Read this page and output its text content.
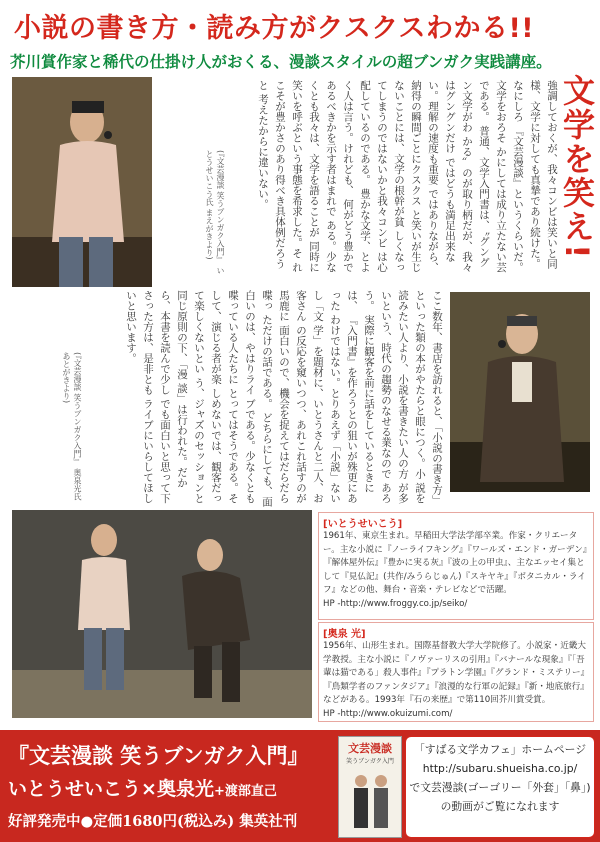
小説の書き方・読み方がクスクスわかる!!
芥川賞作家と稀代の仕掛け人がおくる、漫談スタイルの超ブンガク実践講座。
強調しておくが、我々コンビは笑いと同様、文学に対しても真摯であり続けた。なにしろ 『文芸漫談』というくらいだ。文学をおろそ かにしては成り立たない芸である。 普通、文学入門書は、〝グングン文学がわ かる〟のが取り柄だが、我々はグングンだけ ではどうも満足出来ない。理解の速度も重要 ではありながら、納得の瞬間ごとにクスクス と笑いが生じないことには、文学の根幹が貧 しくなってしまうのではないかと我々コンビ は心配しているのである。 豊かな文学、とよく人は言う。けれども、 何がどう豊かであるべきかを示す者はまれで ある。少なくとも我々は、文学を語ることが 同時に笑いを呼ぶという事態を希求した。そ れこそが豊かさのあり得べき具体例だろうと 考えたからに違いない。
(『文芸漫談 笑うブンガク入門』 いとうせいこう氏 まえがきより)	文学を笑え!
ここ数年、書店を訪れると、「小説の書き方」 といった類の本がやたらと眼につく。小 説を読みたい人より、小説を書きたい人の方 が多いという、時代の趨勢のなせる業なので あろう。 実際に観客を前に話をしているときには、 『入門書』を作ろうとの狙いが殊更にあった わけではない。とりあえず「小説」ないし「文 学」を題材に、いとうさんと二人、お客さん の反応を窺いつつ、あれこれ話すのが馬鹿に 面白いので、機会を捉えてはだらだら喋っ ただけの話である。 どちらにしても、面白いのは、やはりライ ブである。少なくとも喋っている人たちに とってはそうである。そして、演じる者が楽 しめないでは、観客だって楽しくないとい う、ジャズのセッションと同じ原則の下、「漫 談」は行われた。だから、本書を読んで少し でも面白いと思って下さった方は、是非とも ライブにいらしてほしいと思います。
(『文芸漫談 笑うブンガク入門』 奥泉光氏 あとがきより)
[いとうせいこう]
1961年、東京生まれ。早稲田大学法学部卒業。作家・クリエーター。主な小説に『ノーライフキング』『ワールズ・エンド・ガーデン』『解体屋外伝』『豊かに実る灰』『波の上の甲虫』、主なエッセイ集として『見仏記』(共作/みうらじゅん)『スキヤキ』『ボタニカル・ライフ』などの他、舞台・音楽・テレビなどで活躍。
HP -http://www.froggy.co.jp/seiko/
[奥泉 光]
1956年、山形生まれ。国際基督教大学大学院修了。小説家・近畿大学教授。主な小説に『ノヴァーリスの引用』『バナールな現象』『「吾輩は猫である」殺人事件』『プラトン学園』『グランド・ミステリー』『鳥類学者のファンタジア』『浪漫的な行軍の記録』『新・地底旅行』などがある。1993年『石の来歴』で第110回芥川賞受賞。
HP -http://www.okuizumi.com/
『文芸漫談 笑うブンガク入門』
いとうせいこう×奥泉光+渡部直己
好評発売中●定価1680円(税込み) 集英社刊
文芸漫談
笑うブンガク入門
「すばる文学カフェ」ホームページ
http://subaru.shueisha.co.jp/
で文芸漫談(ゴーゴリー「外套」「鼻」)
の動画がご覧になれます
